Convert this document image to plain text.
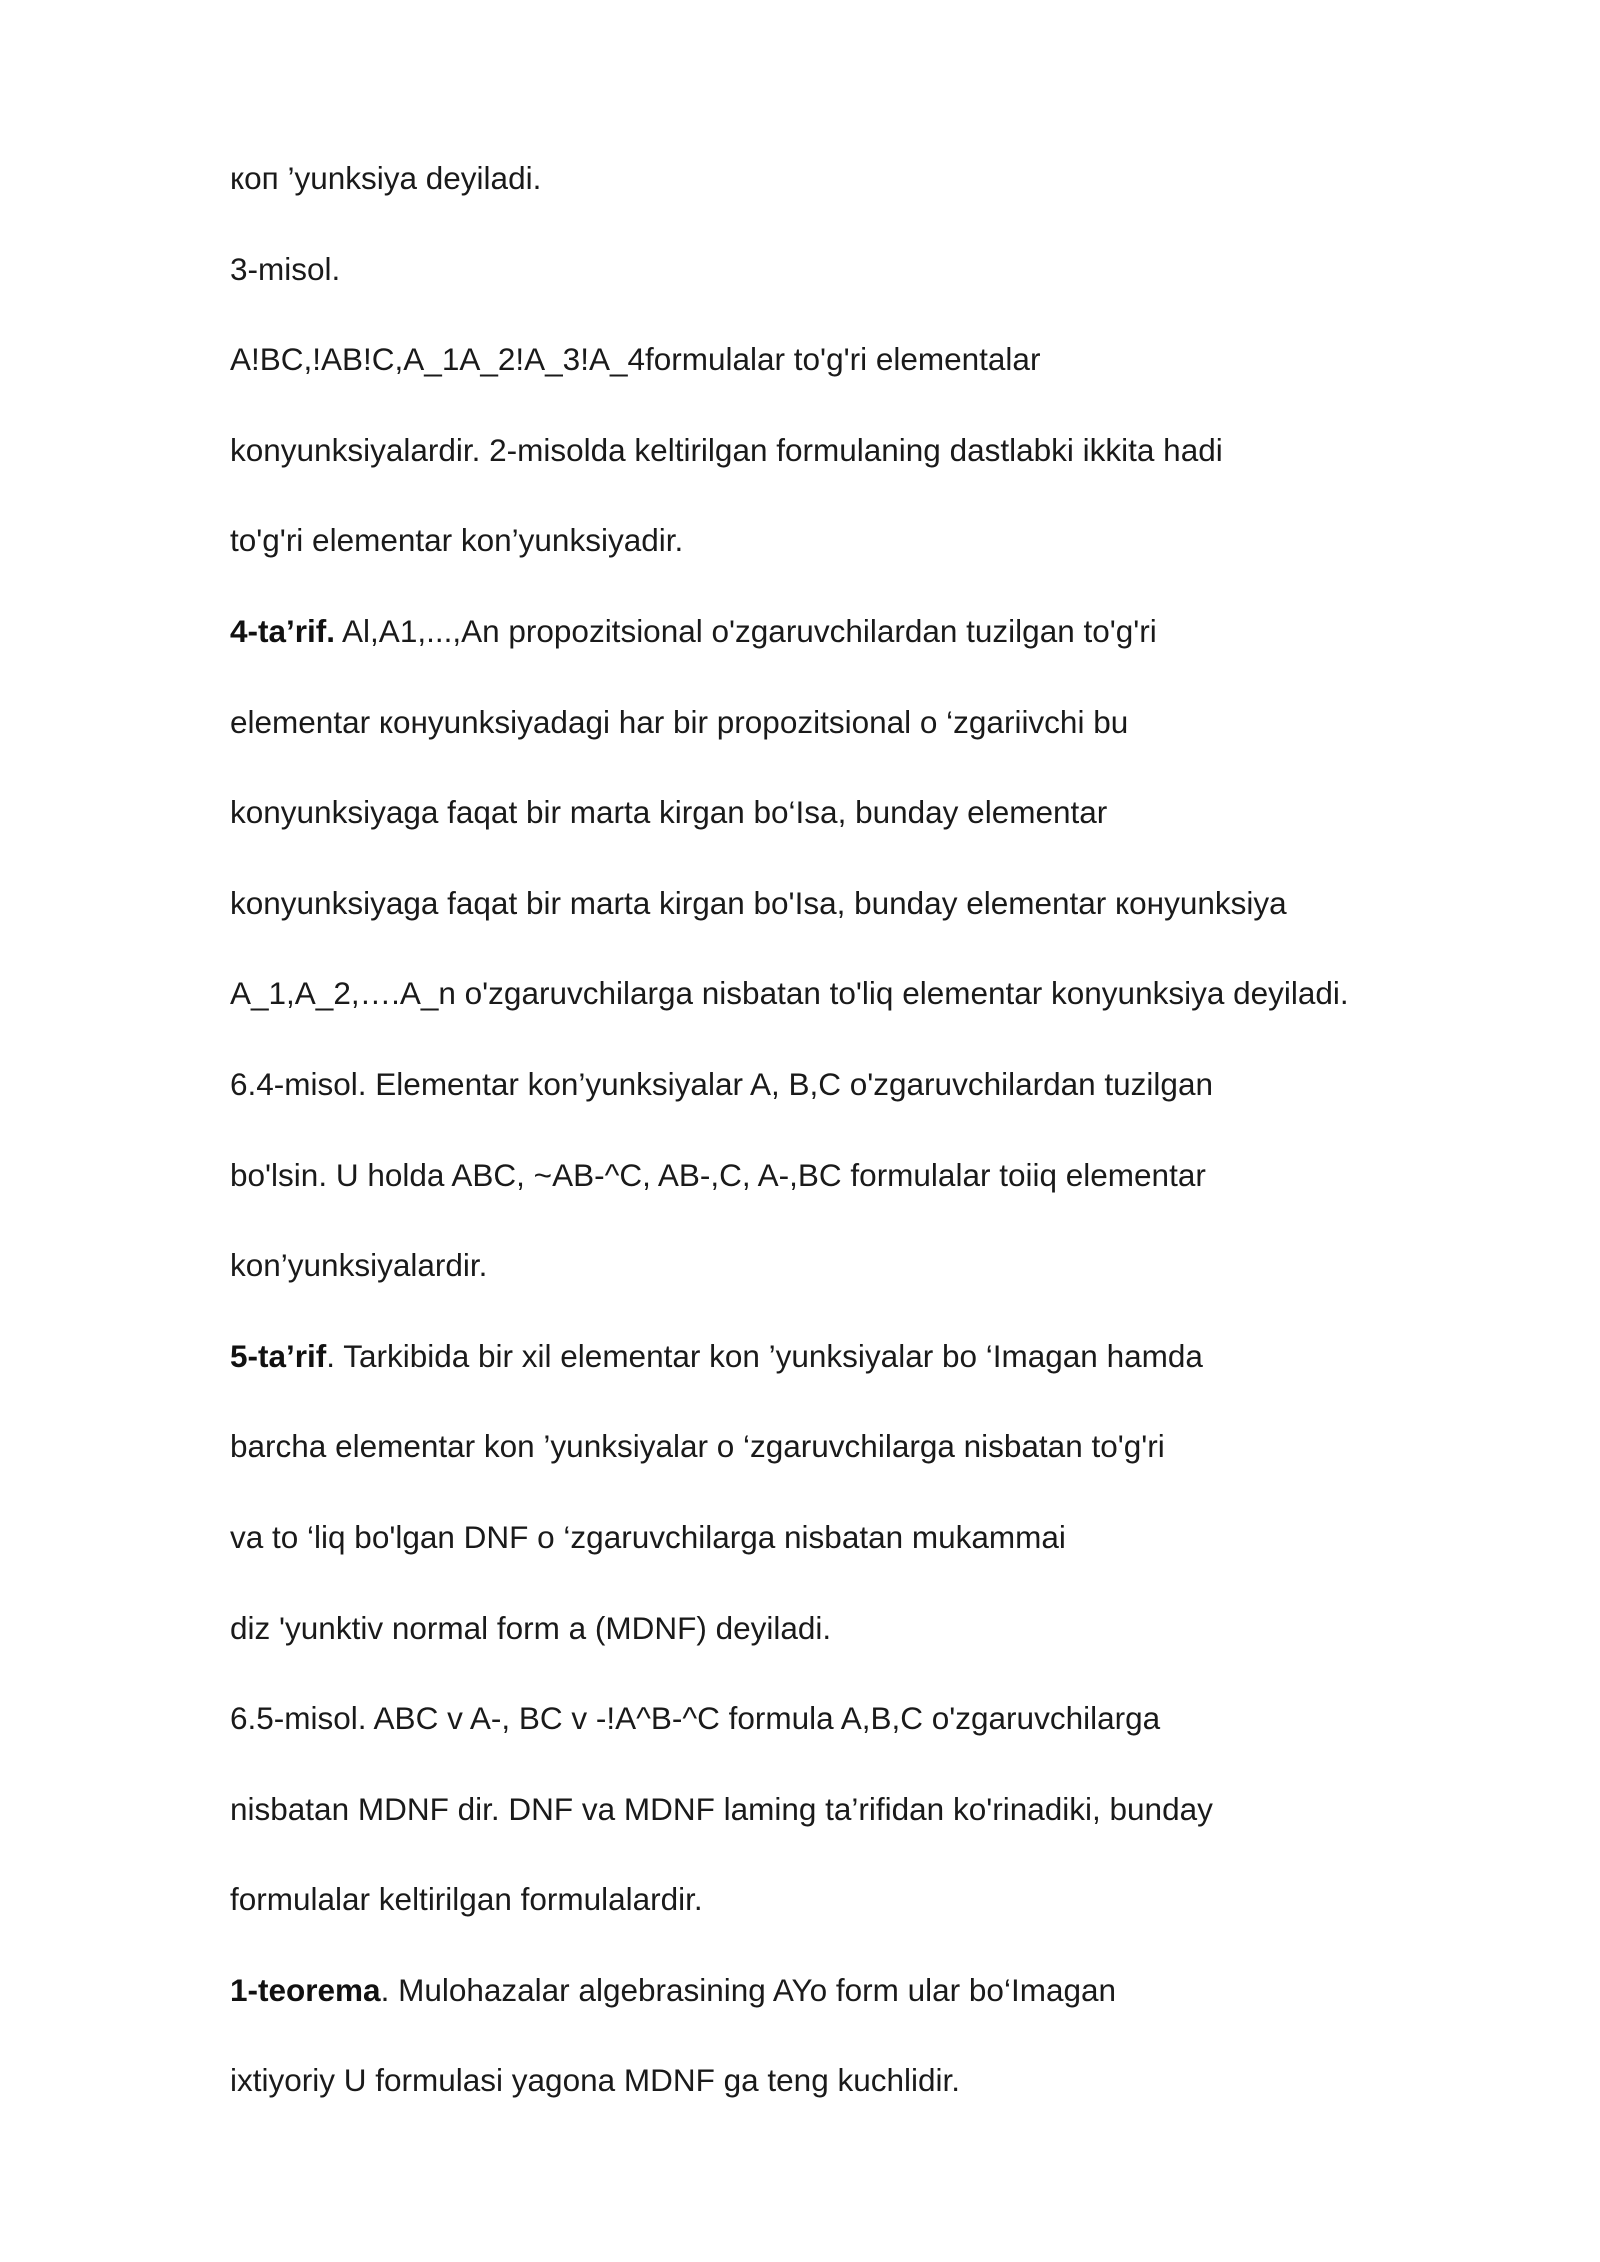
коп ’yunksiya deyiladi.
3-misol.
A!BC,!AB!C,A_1A_2!A_3!A_4formulalar to'g'ri elementalar
konyunksiyalardir. 2-misolda keltirilgan formulaning dastlabki ikkita hadi
to'g'ri elementar kon’yunksiyadir.
4-ta’rif. Al,A1,...,An propozitsional o'zgaruvchilardan tuzilgan to'g'ri
elementar конyunksiyadagi har bir propozitsional o ‘zgariivchi bu
konyunksiyaga faqat bir marta kirgan bo‘Isa, bunday elementar
konyunksiyaga faqat bir marta kirgan bo'Isa, bunday elementar конyunksiya
A_1,A_2,….A_n o'zgaruvchilarga nisbatan to'liq elementar konyunksiya deyiladi.
6.4-misol. Elementar kon’yunksiyalar A, B,C o'zgaruvchilardan tuzilgan
bo'lsin. U holda ABC, ~AB-^C, AB-,C, A-,BC formulalar toiiq elementar
kon’yunksiyalardir.
5-ta’rif. Tarkibida bir xil elementar kon ’yunksiyalar bo ‘Imagan hamda
barcha elementar kon ’yunksiyalar o ‘zgaruvchilarga nisbatan to'g'ri
va to ‘liq bo'lgan DNF o ‘zgaruvchilarga nisbatan mukammai
diz 'yunktiv normal form a (MDNF) deyiladi.
6.5-misol. ABC v A-, BC v -!A^B-^C formula A,B,C o'zgaruvchilarga
nisbatan MDNF dir. DNF va MDNF laming ta’rifidan ko'rinadiki, bunday
formulalar keltirilgan formulalardir.
1-teorema. Mulohazalar algebrasining AYo form ular bo‘Imagan
ixtiyoriy U formulasi yagona MDNF ga teng kuchlidir.
